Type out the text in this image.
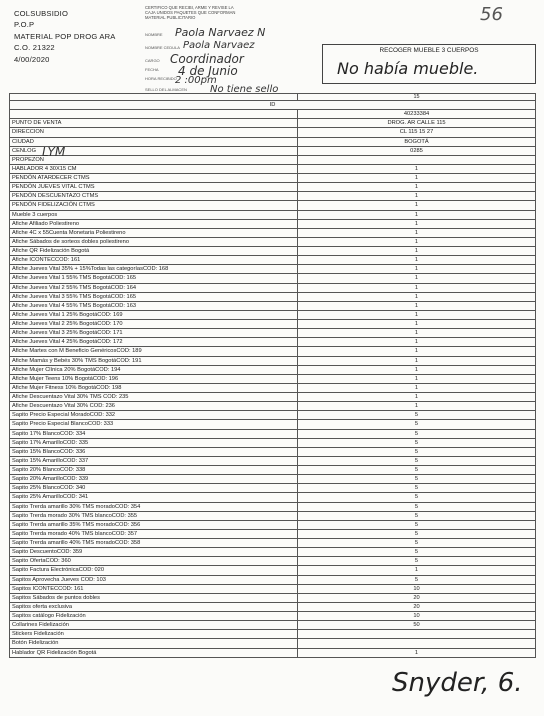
COLSUBSIDIO
P.O.P
MATERIAL POP DROG ARA
C.O. 21322
4/00/2020
CERTIFICO QUE RECIBI, ARME Y REVISE LA CAJA UNIDOS PAQUETES QUE CONFORMAN MATERIAL PUBLICITARIO
NOMBRE
NOMBRE CEDULA
CARGO
FECHA
HORA RECIBIDO
SELLO DEL ALMACEN
Paola Narvaez N
Paola Narvaez
Coordinador
4 de Junio
2 :00pm
No tiene sello
56
RECOGER MUEBLE 3 CUERPOS
No había mueble.
	15
ID	
	40233384
PUNTO DE VENTA	DROG. AR CALLE 115
DIRECCION	CL 115 15 27
CIUDAD	BOGOTÁ
CENLOG	0285
PROPEZON	
HABLADOR 4 30X15 CM	1
PENDÓN ATARDECER CTMS	1
PENDÓN JUEVES VITAL CTMS	1
PENDÓN DESCUENTAZO CTMS	1
PENDÓN FIDELIZACIÓN CTMS	1
Mueble 3 cuerpos	1
Afiche Afiliado Poliestireno	1
Afiche 4C x 55Cuenta Monetaria Poliestireno	1
Afiche Sábados de sorteos dobles poliestireno	1
Afiche QR Fidelización Bogotá	1
Afiche ICONTECCOD: 161	1
Afiche Jueves Vital 35% + 15%Todas las categoríasCOD: 168	1
Afiche Jueves Vital 1 55% TMS BogotáCOD: 165	1
Afiche Jueves Vital 2 55% TMS BogotáCOD: 164	1
Afiche Jueves Vital 3 55% TMS BogotáCOD: 165	1
Afiche Jueves Vital 4 55% TMS BogotáCOD: 163	1
Afiche Jueves Vital 1 25% BogotáCOD: 169	1
Afiche Jueves Vital 2 25% BogotáCOD: 170	1
Afiche Jueves Vital 3 25% BogotáCOD: 171	1
Afiche Jueves Vital 4 25% BogotáCOD: 172	1
Afiche Martes con M Beneficio GenéricosCOD: 189	1
Afiche Mamás y Bebés 30% TMS BogotáCOD: 191	1
Afiche Mujer Clínica 20% BogotáCOD: 194	1
Afiche Mujer Teens 10% BogotáCOD: 196	1
Afiche Mujer Fitness 10% BogotáCOD: 198	1
Afiche Descuentazo Vital 30% TMS COD: 235	1
Afiche Descuentazo Vital 30% COD: 236	1
Sapito Precio Especial MoradoCOD: 332	5
Sapito Precio Especial BlancoCOD: 333	5
Sapito 17% BlancoCOD: 334	5
Sapito 17% AmarilloCOD: 335	5
Sapito 15% BlancoCOD: 336	5
Sapito 15% AmarilloCOD: 337	5
Sapito 20% BlancoCOD: 338	5
Sapito 20% AmarilloCOD: 339	5
Sapito 25% BlancoCOD: 340	5
Sapito 25% AmarilloCOD: 341	5
Sapito Trerda amarillo 30% TMS moradoCOD: 354	5
Sapito Trerda morado 30% TMS blancoCOD: 355	5
Sapito Trerda amarillo 35% TMS moradoCOD: 356	5
Sapito Trerda morado 40% TMS blancoCOD: 357	5
Sapito Trerda amarillo 40% TMS moradoCOD: 358	5
Sapito DescuentoCOD: 359	5
Sapito OfertaCOD: 360	5
Sapito Factura ElectrónicaCOD: 020	1
Sapitos Aprovecha Jueves COD: 103	5
Sapitos ICONTECCOD: 161	10
Sapitos Sábados de puntos dobles	20
Sapitos oferta exclusiva	20
Sapitos catálogo Fidelización	10
Collarines Fidelización	50
Stickers Fidelización	
Botón Fidelización	
Hablador QR Fidelización Bogotá	1
LYM
Snyder, 6.
